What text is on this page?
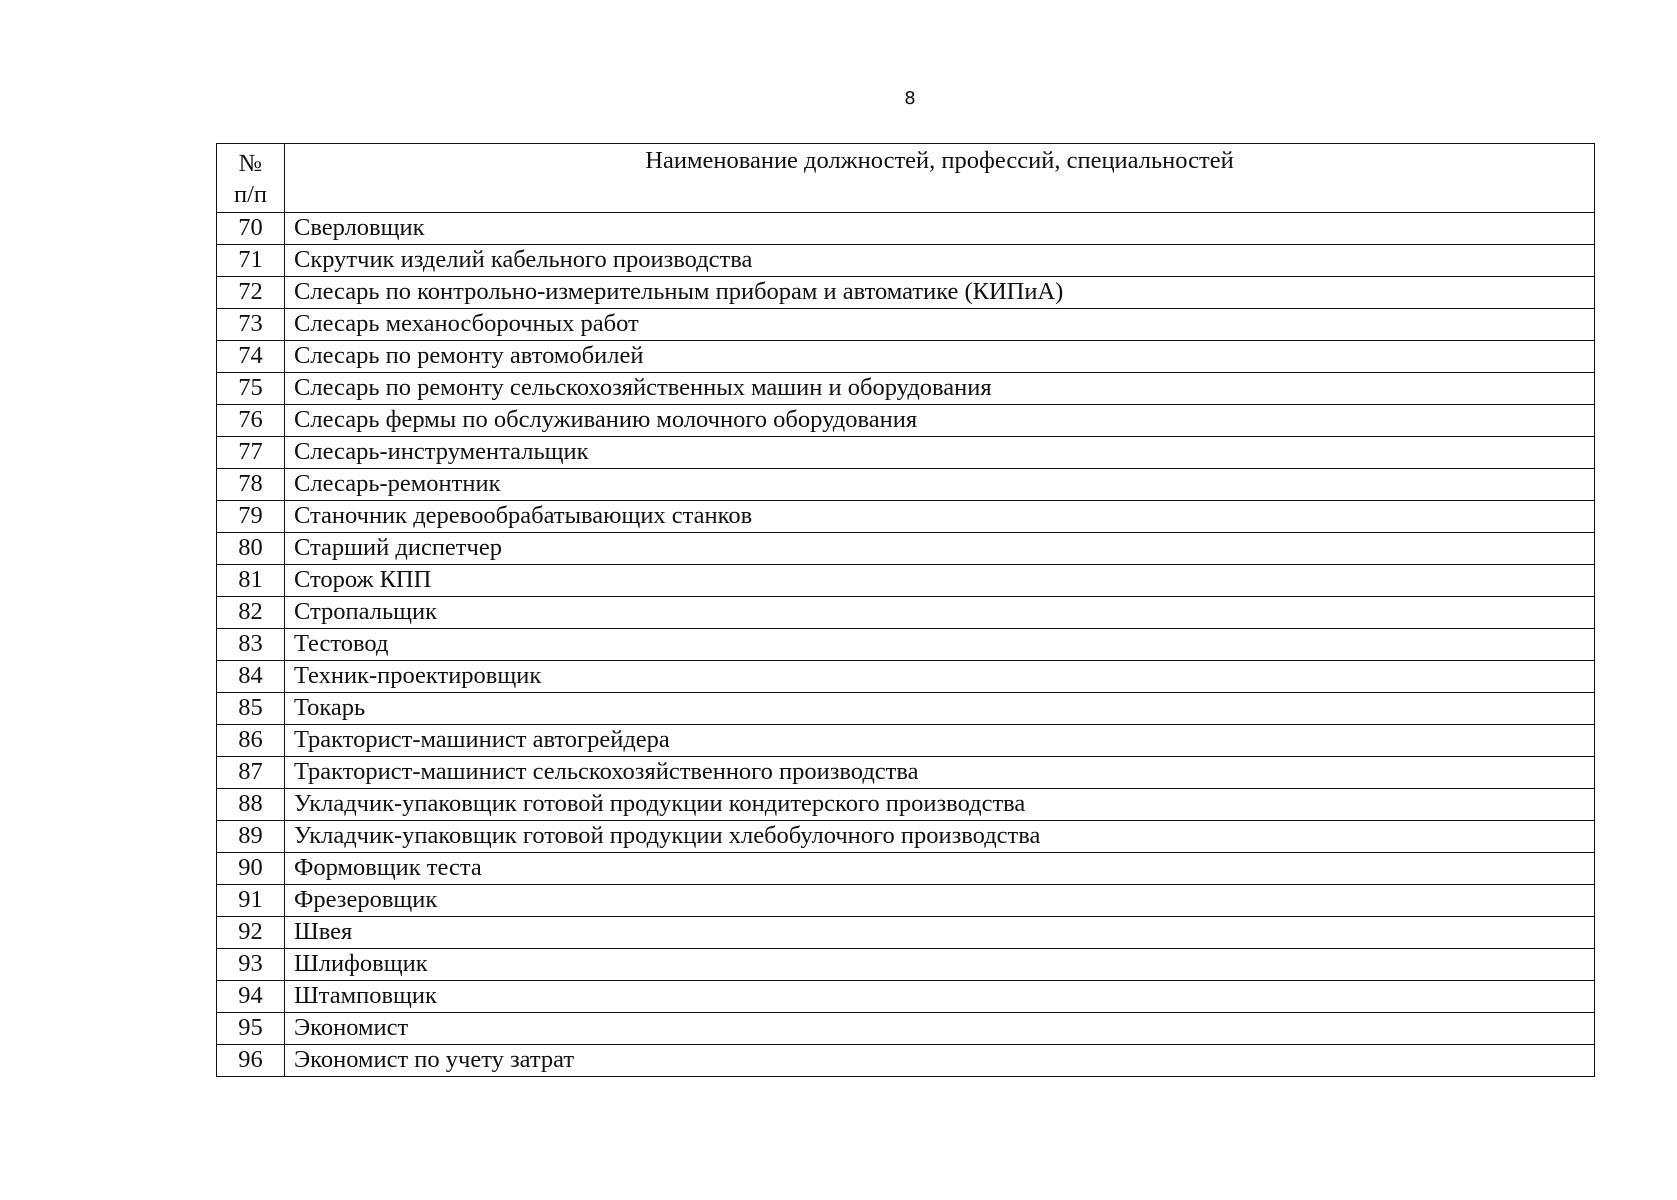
8
№
п/п	Наименование должностей, профессий, специальностей
70	Сверловщик
71	Скрутчик изделий кабельного производства
72	Слесарь по контрольно-измерительным приборам и автоматике (КИПиА)
73	Слесарь механосборочных работ
74	Слесарь по ремонту автомобилей
75	Слесарь по ремонту сельскохозяйственных машин и оборудования
76	Слесарь фермы по обслуживанию молочного оборудования
77	Слесарь-инструментальщик
78	Слесарь-ремонтник
79	Станочник деревообрабатывающих станков
80	Старший диспетчер
81	Сторож КПП
82	Стропальщик
83	Тестовод
84	Техник-проектировщик
85	Токарь
86	Тракторист-машинист автогрейдера
87	Тракторист-машинист сельскохозяйственного производства
88	Укладчик-упаковщик готовой продукции кондитерского производства
89	Укладчик-упаковщик готовой продукции хлебобулочного производства
90	Формовщик теста
91	Фрезеровщик
92	Швея
93	Шлифовщик
94	Штамповщик
95	Экономист
96	Экономист по учету затрат
